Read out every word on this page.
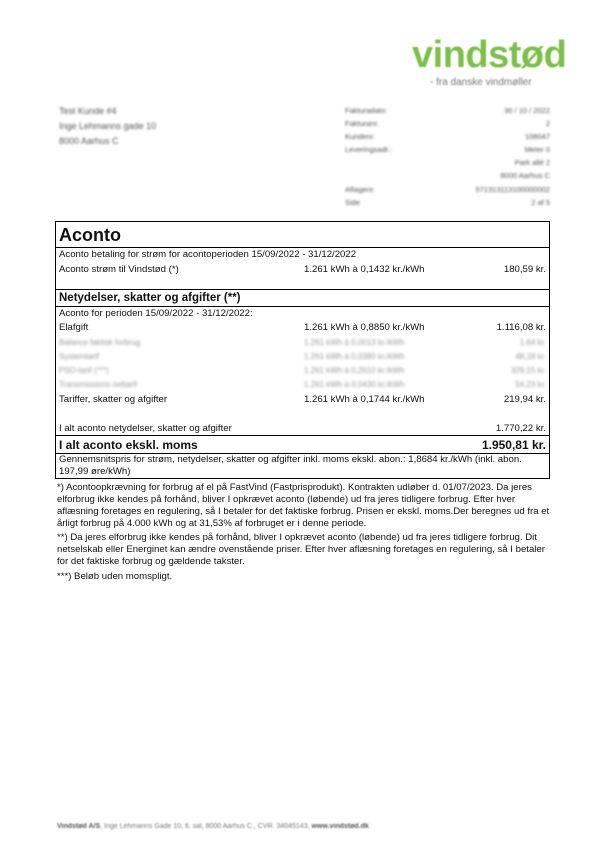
vindstød
- fra danske vindmøller
Test Kunde #4
Inge Lehmanns gade 10
8000 Aarhus C
Fakturadato:	30 / 10 / 2022
Fakturanr.	2
Kundenr.	108047
Leveringsadr.:	Meter 0
Park allé 2
8000 Aarhus C
Aftagenr.	571313113100000002
Side	2 af 5
Aconto
Aconto betaling for strøm for acontoperioden 15/09/2022 - 31/12/2022
Aconto strøm til Vindstød (*)	1.261 kWh à 0,1432 kr./kWh	180,59 kr.
Netydelser, skatter og afgifter (**)
Aconto for perioden 15/09/2022 - 31/12/2022:
Elafgift	1.261 kWh à 0,8850 kr./kWh	1.116,08 kr.
Balance faktisk forbrug	1.261 kWh à 0,0013 kr./kWh	1,64 kr.
Systemtarif	1.261 kWh à 0,0380 kr./kWh	48,18 kr.
PSO-tarif (***)	1.261 kWh à 0,2610 kr./kWh	329,15 kr.
Transmissions nettarif	1.261 kWh à 0,0430 kr./kWh	54,23 kr.
Tariffer, skatter og afgifter	1.261 kWh à 0,1744 kr./kWh	219,94 kr.
I alt aconto netydelser, skatter og afgifter	1.770,22 kr.
I alt aconto ekskl. moms	1.950,81 kr.
Gennemsnitspris for strøm, netydelser, skatter og afgifter inkl. moms ekskl. abon.: 1,8684 kr./kWh (inkl. abon. 197,99 øre/kWh)
*) Acontoopkrævning for forbrug af el på FastVind (Fastprisprodukt). Kontrakten udløber d. 01/07/2023. Da jeres elforbrug ikke kendes på forhånd, bliver I opkrævet aconto (løbende) ud fra jeres tidligere forbrug. Efter hver aflæsning foretages en regulering, så I betaler for det faktiske forbrug. Prisen er ekskl. moms.Der beregnes ud fra et årligt forbrug på 4.000 kWh og at 31,53% af forbruget er i denne periode.
**) Da jeres elforbrug ikke kendes på forhånd, bliver I opkrævet aconto (løbende) ud fra jeres tidligere forbrug. Dit netselskab eller Energinet kan ændre ovenstående priser. Efter hver aflæsning foretages en regulering, så I betaler for det faktiske forbrug og gældende takster.
***) Beløb uden momspligt.
Vindstød A/S, Inge Lehmanns Gade 10, 6. sal, 8000 Aarhus C., CVR. 34045143, www.vindstød.dk
